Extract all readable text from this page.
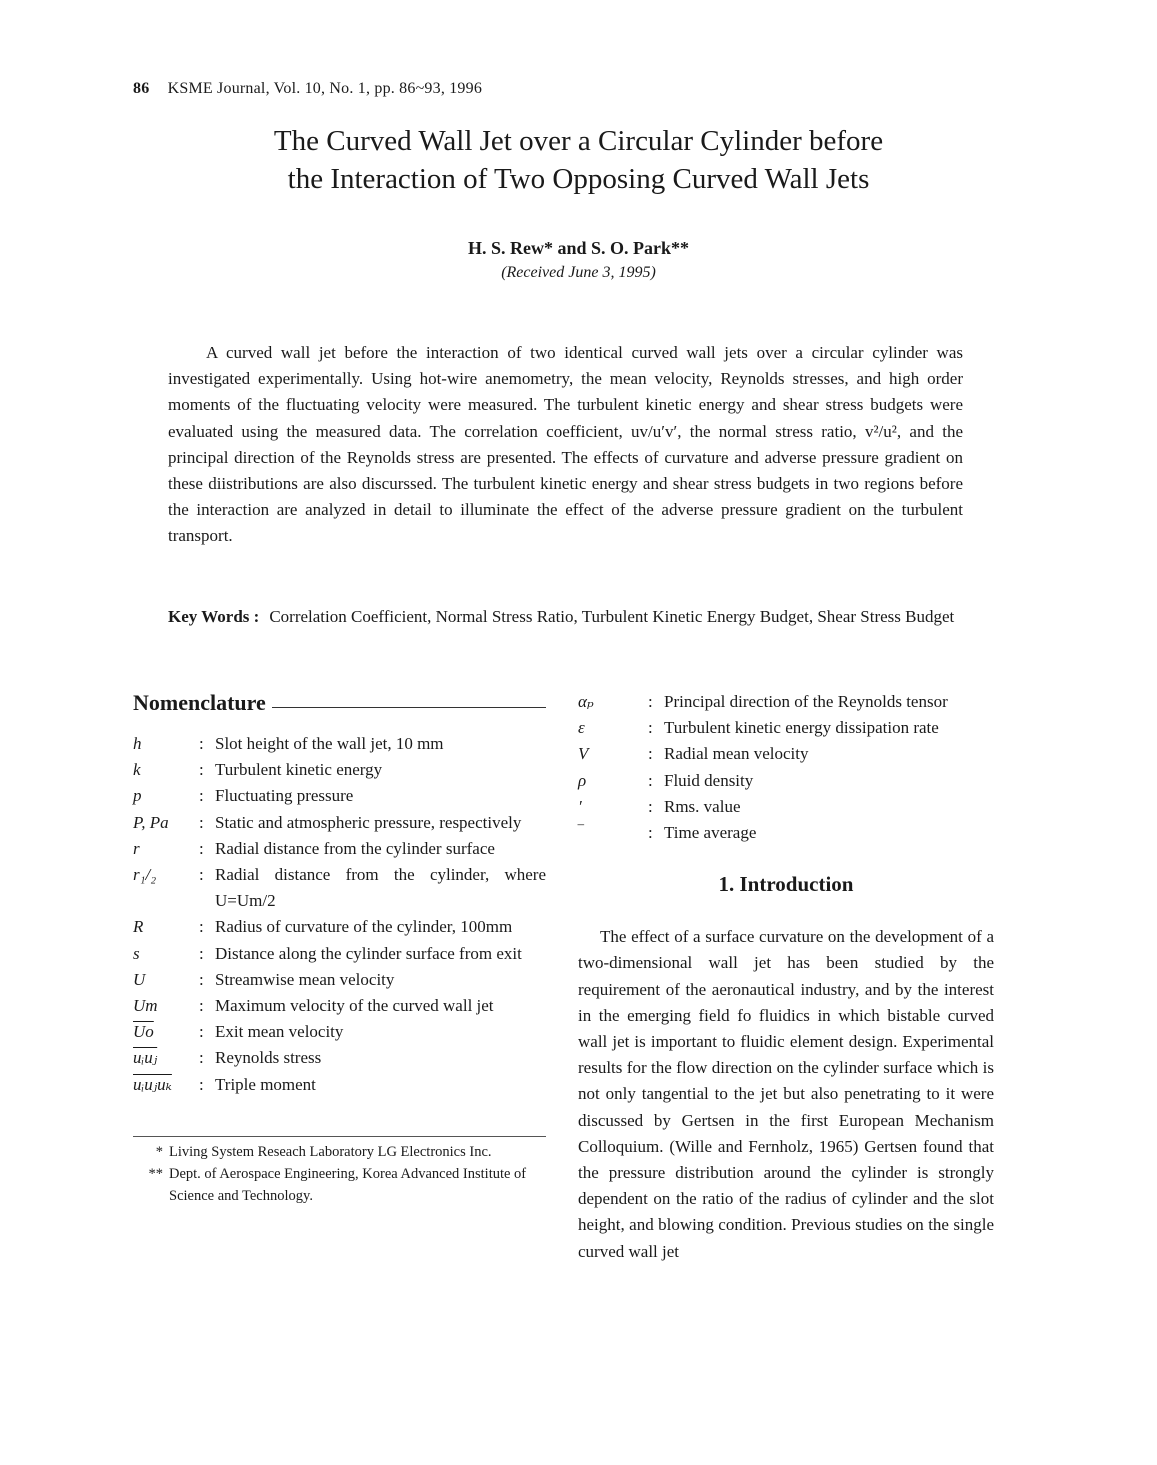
86 KSME Journal, Vol. 10, No. 1, pp. 86~93, 1996
The Curved Wall Jet over a Circular Cylinder before
the Interaction of Two Opposing Curved Wall Jets
H. S. Rew* and S. O. Park**
(Received June 3, 1995)

A curved wall jet before the interaction of two identical curved wall jets over a circular cylinder was investigated experimentally. Using hot-wire anemometry, the mean velocity, Reynolds stresses, and high order moments of the fluctuating velocity were measured. The turbulent kinetic energy and shear stress budgets were evaluated using the measured data. The correlation coefficient, uv/u′v′, the normal stress ratio, v²/u², and the principal direction of the Reynolds stress are presented. The effects of curvature and adverse pressure gradient on these diistributions are also discurssed. The turbulent kinetic energy and shear stress budgets in two regions before the interaction are analyzed in detail to illuminate the effect of the adverse pressure gradient on the turbulent transport.

Key Words : Correlation Coefficient, Normal Stress Ratio, Turbulent Kinetic Energy Budget, Shear Stress Budget
Nomenclature
h	: Slot height of the wall jet, 10 mm
k	: Turbulent kinetic energy
p	: Fluctuating pressure
P, Pa	: Static and atmospheric pressure, respectively
r	: Radial distance from the cylinder surface
r₁/₂	: Radial distance from the cylinder, where U=Um/2
R	: Radius of curvature of the cylinder, 100mm
s	: Distance along the cylinder surface from exit
U	: Streamwise mean velocity
Um	: Maximum velocity of the curved wall jet
$\overline{Uo}$	: Exit mean velocity
uᵢuⱼ	: Reynolds stress
uᵢuⱼuₖ	: Triple moment
* Living System Reseach Laboratory LG Electronics Inc.
** Dept. of Aerospace Engineering, Korea Advanced Institute of Science and Technology.
αₚ	: Principal direction of the Reynolds tensor
ε	: Turbulent kinetic energy dissipation rate
V	: Radial mean velocity
ρ	: Fluid density
′	: Rms. value
‾	: Time average
1. Introduction

The effect of a surface curvature on the development of a two-dimensional wall jet has been studied by the requirement of the aeronautical industry, and by the interest in the emerging field fo fluidics in which bistable curved wall jet is important to fluidic element design. Experimental results for the flow direction on the cylinder surface which is not only tangential to the jet but also penetrating to it were discussed by Gertsen in the first European Mechanism Colloquium. (Wille and Fernholz, 1965) Gertsen found that the pressure distribution around the cylinder is strongly dependent on the ratio of the radius of cylinder and the slot height, and blowing condition. Previous studies on the single curved wall jet
